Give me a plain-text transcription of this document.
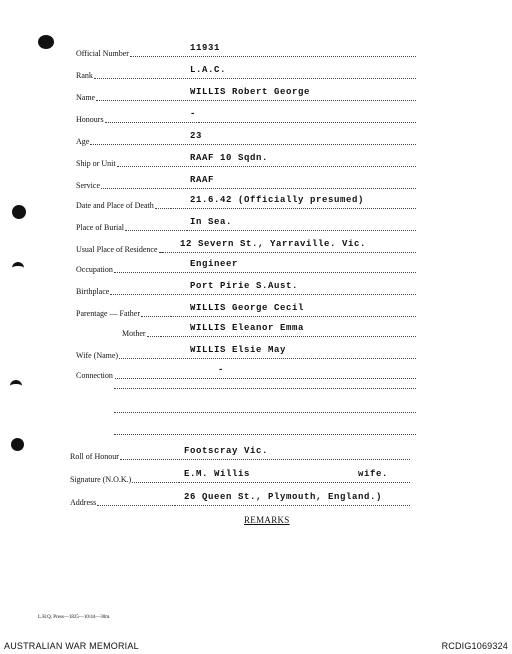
Official Number
11931
Rank
L.A.C.
Name
WILLIS Robert George
Honours
-
Age
23
Ship or Unit
RAAF 10 Sqdn.
Service
RAAF
Date and Place of Death
21.6.42 (Officially presumed)
Place of Burial
In Sea.
Usual Place of Residence
12 Severn St., Yarraville. Vic.
Occupation
Engineer
Birthplace
Port Pirie S.Aust.
Parentage — Father
WILLIS George Cecil
Mother
WILLIS Eleanor Emma
Wife (Name)
WILLIS Elsie May
Connection
-
Roll of Honour
Footscray Vic.
Signature (N.O.K.)
E.M. Willis	wife.
Address
26 Queen St., Plymouth, England.)
REMARKS
L.H.Q. Press—1825—10/44—30m.
AUSTRALIAN WAR MEMORIAL	RCDIG1069324
